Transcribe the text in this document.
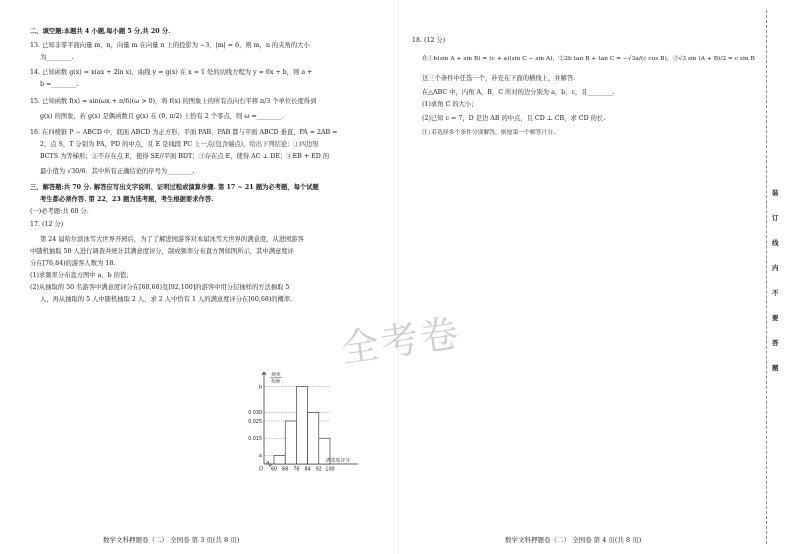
二、填空题:本题共 4 小题,每小题 5 分,共 20 分.
13. 已知非零平面向量 m，n，向量 m 在向量 n 上的投影为 −3，|m| = 6，则 m，n 的夹角的大小
为________.
14. 已知函数 g(x) = x(ax + 2ln x)，曲线 y = g(x) 在 x = 1 处的切线方程为 y = 6x + b，则 a +
b =________.
15. 已知函数 f(x) = sin(ωx + π/6)(ω > 0)，将 f(x) 的图象上的所有点向右平移 π/3 个单位长度得到
g(x) 的图象，若 g(x) 是偶函数且 g(x) 在 (0, π/2) 上恰有 2 个零点，则 ω =________.
16. 在四棱锥 P − ABCD 中，底面 ABCD 为正方形，平面 PAB，PAB 都与平面 ABCD 垂直，PA = 2AB =
2，点 S，T 分别为 PA，PD 的中点，且 E 是线段 PC 上一点(包含端点)，给出下列结论：①四边形
BCTS 为等梯形；②不存在点 E，使得 SE//平面 BDT；③存在点 E，使得 AC ⊥ DE；④EB + ED 的
最小值为 √30/6．其中所有正确结论的序号为________.
三、解答题:共 70 分. 解答应写出文字说明、证明过程或演算步骤. 第 17 ~ 21 题为必考题，每个试题
考生都必须作答. 第 22，23 题为选考题，考生根据要求作答.
(一)必考题:共 60 分.
17. (12 分)
第 24 届哈尔滨冰雪大世界开园后，为了了解进园游客对本届冰雪大世界的满意度，从进园游客
中随机抽取 50 人进行调查并统计其满意度评分，制成频率分布直方图如图所示，其中满意度评
分在[76,84)的游客人数为 18.
(1)求频率分布直方图中 a，b 的值；
(2)从抽取的 50 名游客中满意度评分在[60,68)及[92,100]的游客中用分层抽样的方法抽取 5
人，再从抽取的 5 人中随机抽取 2 人，求 2 人中恰有 1 人的满意度评分在[60,68)的概率.
a
0.015
0.025
0.030
b
60 68 76 84 92 100
O
频率
组距
满意度评分
数学文科押题卷（二） 全国卷 第 3 页(共 8 页)
全考卷
18. (12 分)
在①b(sin A + sin B) = (c + a)(sin C − sin A)，②2b tan B + tan C = −√3a/(c cos B)，③√3 sin (A + B)/2 = c sin B
这三个条件中任选一个，补充在下面的横线上，并解答.
在△ABC 中，内角 A，B，C 所对的边分别为 a，b，c，且________.
(1)求角 C 的大小；
(2)已知 c = 7，D 是边 AB 的中点，且 CD ⊥ CB，求 CD 的长.
注:若选择多个条件分别解答，则按第一个解答计分.
数学文科押题卷（二） 全国卷 第 4 页(共 8 页)
装
订
线
内
不
要
答
题
